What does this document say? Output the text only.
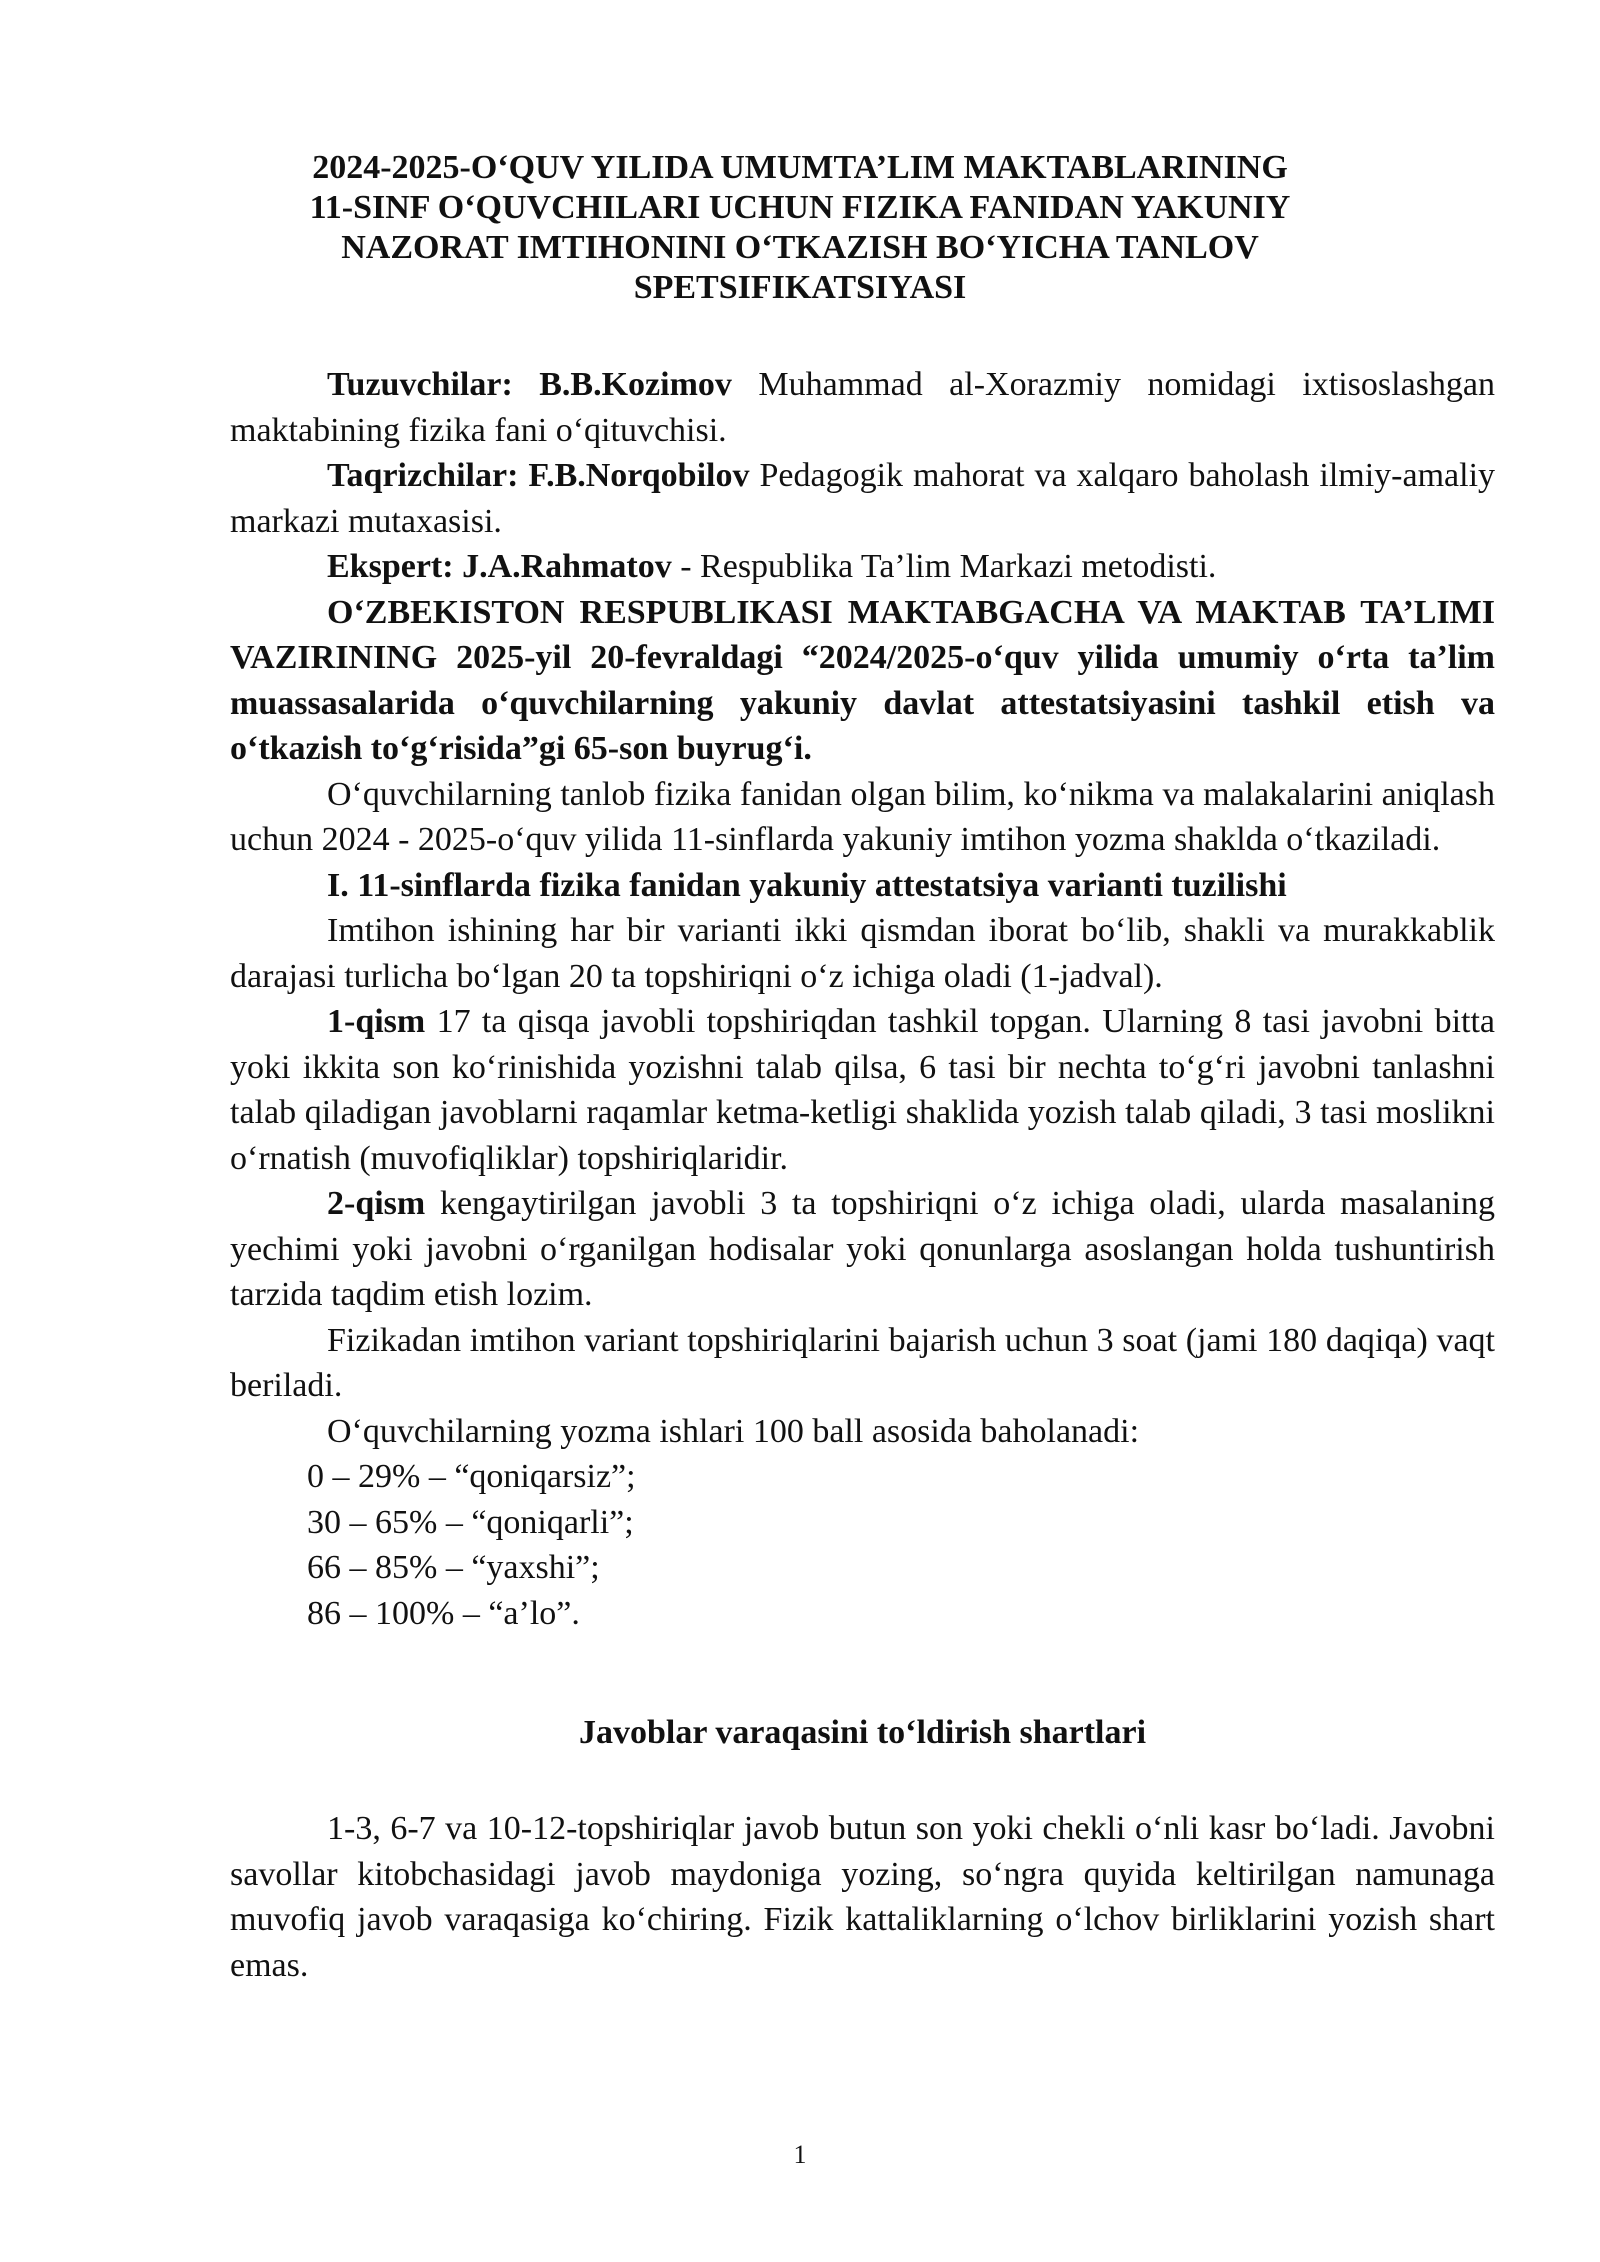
2024-2025-O‘QUV YILIDA UMUMTA’LIM MAKTABLARINING
11-SINF O‘QUVCHILARI UCHUN FIZIKA FANIDAN YAKUNIY
NAZORAT IMTIHONINI O‘TKAZISH BO‘YICHA TANLOV
SPETSIFIKATSIYASI

Tuzuvchilar: B.B.Kozimov Muhammad al-Xorazmiy nomidagi ixtisoslashgan maktabining fizika fani o‘qituvchisi.

Taqrizchilar: F.B.Norqobilov Pedagogik mahorat va xalqaro baholash ilmiy-amaliy markazi mutaxasisi.

Ekspert: J.A.Rahmatov - Respublika Ta’lim Markazi metodisti.

O‘ZBEKISTON RESPUBLIKASI MAKTABGACHA VA MAKTAB TA’LIMI VAZIRINING 2025-yil 20-fevraldagi “2024/2025-o‘quv yilida umumiy o‘rta ta’lim muassasalarida o‘quvchilarning yakuniy davlat attestatsiyasini tashkil etish va o‘tkazish to‘g‘risida”gi 65-son buyrug‘i.

O‘quvchilarning tanlob fizika fanidan olgan bilim, ko‘nikma va malakalarini aniqlash uchun 2024 - 2025-o‘quv yilida 11-sinflarda yakuniy imtihon yozma shaklda o‘tkaziladi.

I. 11-sinflarda fizika fanidan yakuniy attestatsiya varianti tuzilishi

Imtihon ishining har bir varianti ikki qismdan iborat bo‘lib, shakli va murakkablik darajasi turlicha bo‘lgan 20 ta topshiriqni o‘z ichiga oladi (1-jadval).

1-qism 17 ta qisqa javobli topshiriqdan tashkil topgan. Ularning 8 tasi javobni bitta yoki ikkita son ko‘rinishida yozishni talab qilsa, 6 tasi bir nechta to‘g‘ri javobni tanlashni talab qiladigan javoblarni raqamlar ketma-ketligi shaklida yozish talab qiladi, 3 tasi moslikni o‘rnatish (muvofiqliklar) topshiriqlaridir.

2-qism kengaytirilgan javobli 3 ta topshiriqni o‘z ichiga oladi, ularda masalaning yechimi yoki javobni o‘rganilgan hodisalar yoki qonunlarga asoslangan holda tushuntirish tarzida taqdim etish lozim.

Fizikadan imtihon variant topshiriqlarini bajarish uchun 3 soat (jami 180 daqiqa) vaqt beriladi.

O‘quvchilarning yozma ishlari 100 ball asosida baholanadi:

0 – 29% – “qoniqarsiz”;
30 – 65% – “qoniqarli”;
66 – 85% – “yaxshi”;
86 – 100% – “a’lo”.
Javoblar varaqasini to‘ldirish shartlari

1-3, 6-7 va 10-12-topshiriqlar javob butun son yoki chekli o‘nli kasr bo‘ladi. Javobni savollar kitobchasidagi javob maydoniga yozing, so‘ngra quyida keltirilgan namunaga muvofiq javob varaqasiga ko‘chiring. Fizik kattaliklarning o‘lchov birliklarini yozish shart emas.

1
